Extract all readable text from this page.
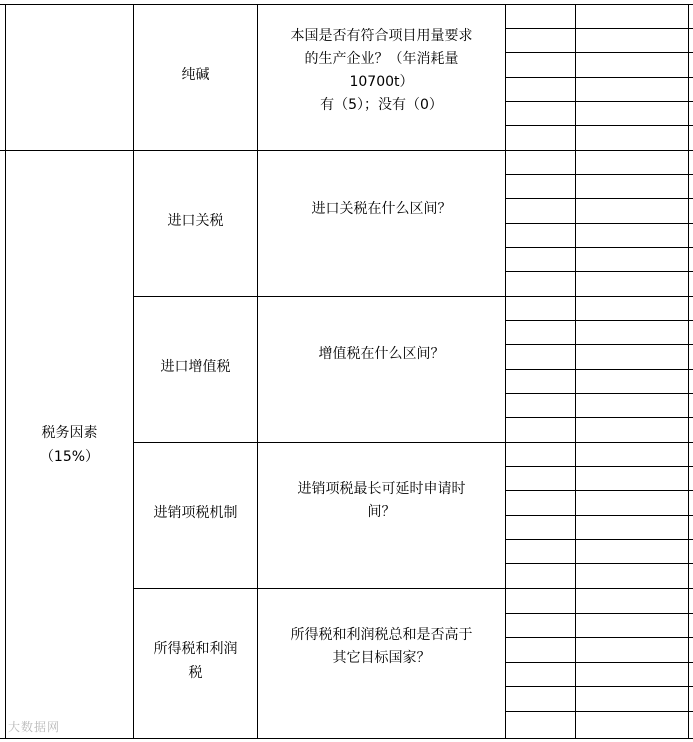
税务因素
（15%）
纯碱
本国是否有符合项目用量要求
的生产企业？（年消耗量
10700t）
有（5）；没有（0）
进口关税
进口关税在什么区间？
进口增值税
增值税在什么区间？
进销项税机制
进销项税最长可延时申请时
间？
所得税和利润
税
所得税和利润税总和是否高于
其它目标国家？
大数据网
